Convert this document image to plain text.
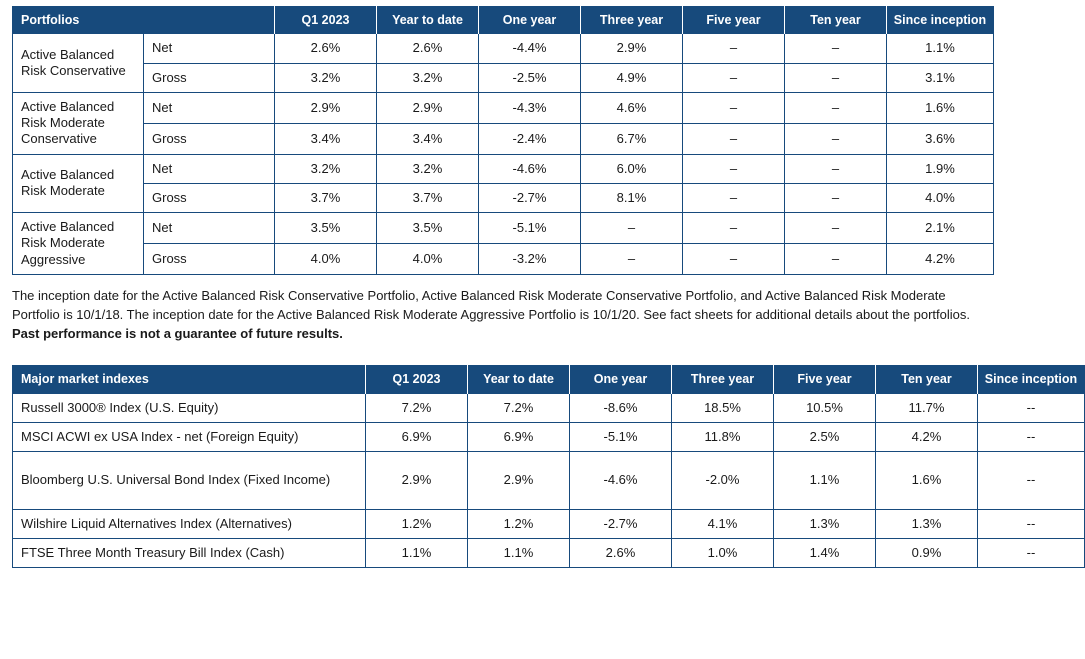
Portfolios		Q1 2023	Year to date	One year	Three year	Five year	Ten year	Since inception
Active Balanced Risk Conservative	Net	2.6%	2.6%	-4.4%	2.9%	–	–	1.1%
	Gross	3.2%	3.2%	-2.5%	4.9%	–	–	3.1%
Active Balanced Risk Moderate Conservative	Net	2.9%	2.9%	-4.3%	4.6%	–	–	1.6%
	Gross	3.4%	3.4%	-2.4%	6.7%	–	–	3.6%
Active Balanced Risk Moderate	Net	3.2%	3.2%	-4.6%	6.0%	–	–	1.9%
	Gross	3.7%	3.7%	-2.7%	8.1%	–	–	4.0%
Active Balanced Risk Moderate Aggressive	Net	3.5%	3.5%	-5.1%	–	–	–	2.1%
	Gross	4.0%	4.0%	-3.2%	–	–	–	4.2%
The inception date for the Active Balanced Risk Conservative Portfolio, Active Balanced Risk Moderate Conservative Portfolio, and Active Balanced Risk Moderate Portfolio is 10/1/18. The inception date for the Active Balanced Risk Moderate Aggressive Portfolio is 10/1/20. See fact sheets for additional details about the portfolios.
Past performance is not a guarantee of future results.
Major market indexes	Q1 2023	Year to date	One year	Three year	Five year	Ten year	Since inception
Russell 3000® Index (U.S. Equity)	7.2%	7.2%	-8.6%	18.5%	10.5%	11.7%	--
MSCI ACWI ex USA Index - net (Foreign Equity)	6.9%	6.9%	-5.1%	11.8%	2.5%	4.2%	--
Bloomberg U.S. Universal Bond Index (Fixed Income)	2.9%	2.9%	-4.6%	-2.0%	1.1%	1.6%	--
Wilshire Liquid Alternatives Index (Alternatives)	1.2%	1.2%	-2.7%	4.1%	1.3%	1.3%	--
FTSE Three Month Treasury Bill Index (Cash)	1.1%	1.1%	2.6%	1.0%	1.4%	0.9%	--
